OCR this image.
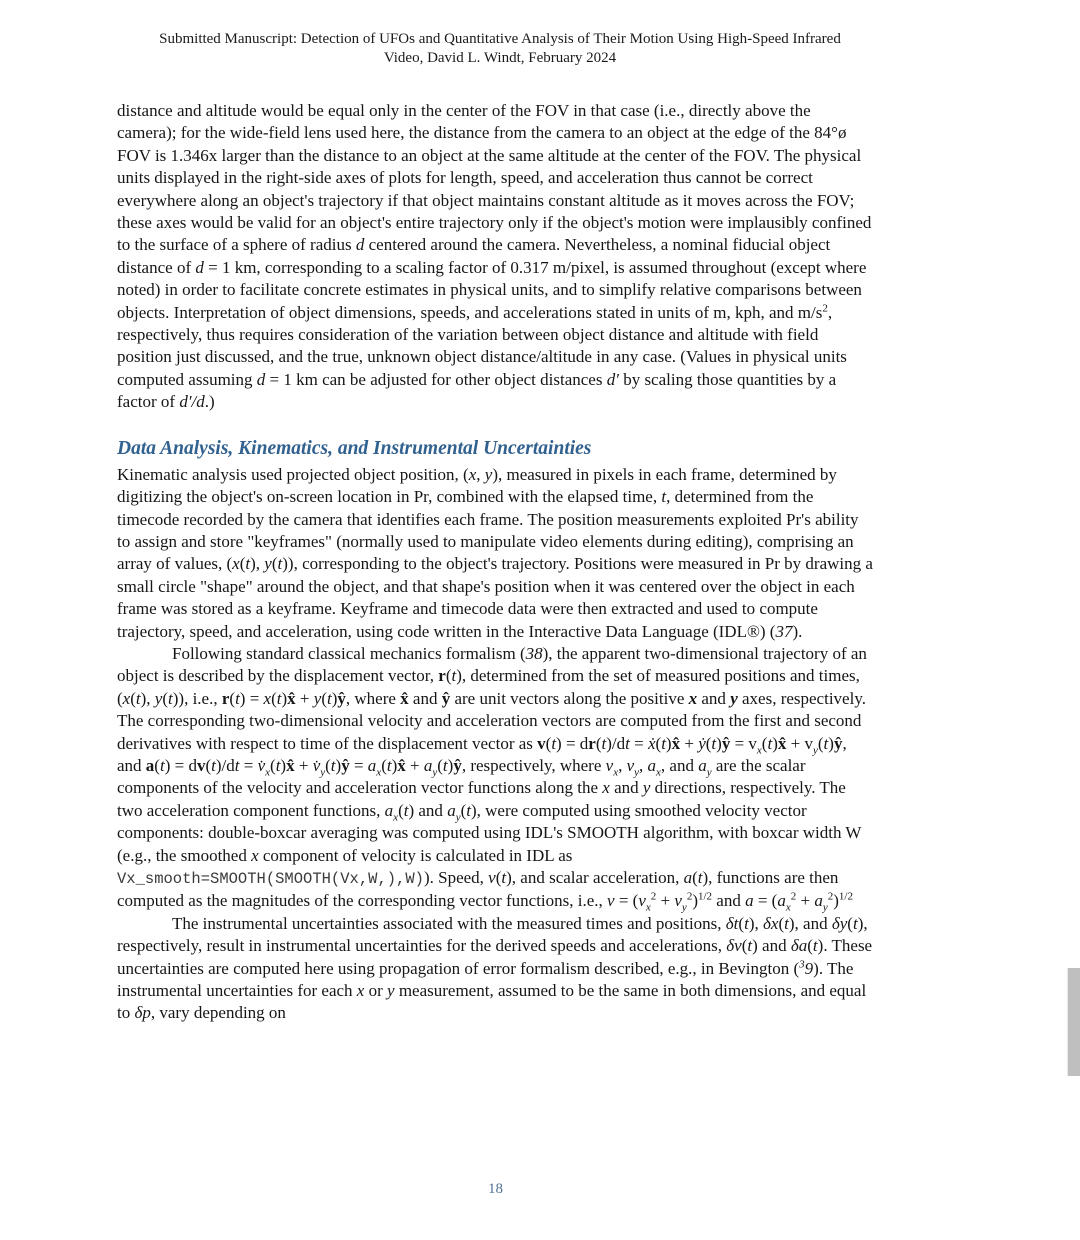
Submitted Manuscript: Detection of UFOs and Quantitative Analysis of Their Motion Using High-Speed Infrared
Video, David L. Windt, February 2024

distance and altitude would be equal only in the center of the FOV in that case (i.e., directly above the camera); for the wide-field lens used here, the distance from the camera to an object at the edge of the 84°ø FOV is 1.346x larger than the distance to an object at the same altitude at the center of the FOV. The physical units displayed in the right-side axes of plots for length, speed, and acceleration thus cannot be correct everywhere along an object's trajectory if that object maintains constant altitude as it moves across the FOV; these axes would be valid for an object's entire trajectory only if the object's motion were implausibly confined to the surface of a sphere of radius d centered around the camera. Nevertheless, a nominal fiducial object distance of d = 1 km, corresponding to a scaling factor of 0.317 m/pixel, is assumed throughout (except where noted) in order to facilitate concrete estimates in physical units, and to simplify relative comparisons between objects. Interpretation of object dimensions, speeds, and accelerations stated in units of m, kph, and $m/s^2$, respectively, thus requires consideration of the variation between object distance and altitude with field position just discussed, and the true, unknown object distance/altitude in any case. (Values in physical units computed assuming d = 1 km can be adjusted for other object distances d′ by scaling those quantities by a factor of d′/d.)

Data Analysis, Kinematics, and Instrumental Uncertainties

Kinematic analysis used projected object position, (x, y), measured in pixels in each frame, determined by digitizing the object's on-screen location in Pr, combined with the elapsed time, t, determined from the timecode recorded by the camera that identifies each frame. The position measurements exploited Pr's ability to assign and store "keyframes" (normally used to manipulate video elements during editing), comprising an array of values, (x(t), y(t)), corresponding to the object's trajectory. Positions were measured in Pr by drawing a small circle "shape" around the object, and that shape's position when it was centered over the object in each frame was stored as a keyframe. Keyframe and timecode data were then extracted and used to compute trajectory, speed, and acceleration, using code written in the Interactive Data Language (IDL®) (37).

Following standard classical mechanics formalism (38), the apparent two-dimensional trajectory of an object is described by the displacement vector, r(t), determined from the set of measured positions and times, (x(t), y(t)), i.e., r(t) = x(t)x̂ + y(t)ŷ, where x̂ and ŷ are unit vectors along the positive x and y axes, respectively. The corresponding two-dimensional velocity and acceleration vectors are computed from the first and second derivatives with respect to time of the displacement vector as v(t) = dr(t)/dt = ẋ(t)x̂ + ẏ(t)ŷ = $v_x(t)x̂$ + $v_y(t)ŷ$, and $a(t) = dv(t)/dt = v̇_x(t)x̂$ + $v̇_y(t)ŷ$ = $a_x(t)x̂$ + $a_y(t)ŷ$, respectively, where $v_x$, $v_y$, $a_x$, and $a_y$ are the scalar components of the velocity and acceleration vector functions along the x and y directions, respectively. The two acceleration component functions, $a_x(t)$ and $a_y(t)$, were computed using smoothed velocity vector components: double-boxcar averaging was computed using IDL's SMOOTH algorithm, with boxcar width W (e.g., the smoothed x component of velocity is calculated in IDL as Vx_smooth=SMOOTH(SMOOTH(Vx,W,),W)). Speed, v(t), and scalar acceleration, a(t), functions are then computed as the magnitudes of the corresponding vector functions, i.e., $v = (v_x^2 + v_y^2)^{1/2}$ and $a = (a_x^2 + a_y^2)^{1/2}$

The instrumental uncertainties associated with the measured times and positions, δt(t), δx(t), and δy(t), respectively, result in instrumental uncertainties for the derived speeds and accelerations, δv(t) and δa(t). These uncertainties are computed here using propagation of error formalism described, e.g., in Bevington ($^3$9). The instrumental uncertainties for each x or y measurement, assumed to be the same in both dimensions, and equal to δp, vary depending on

18
